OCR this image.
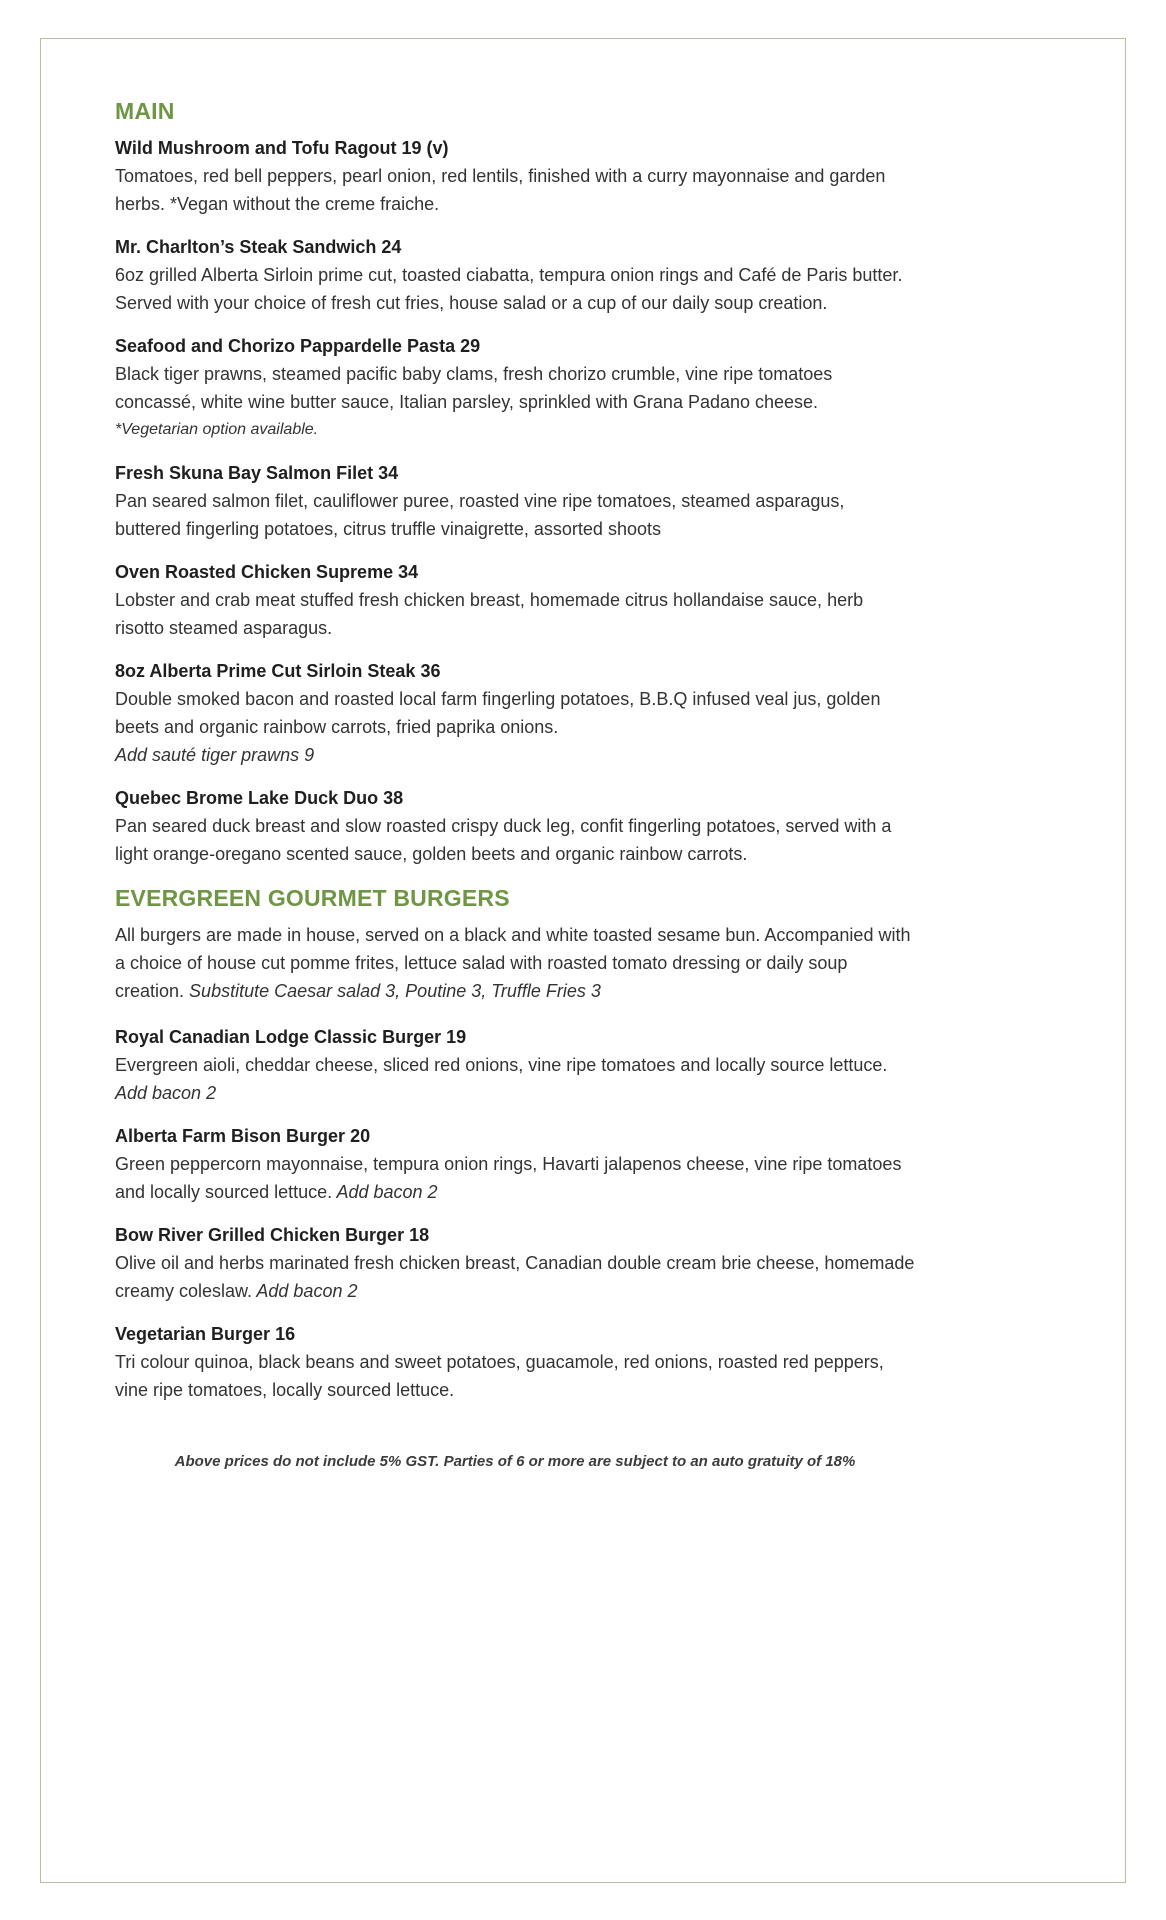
MAIN
Wild Mushroom and Tofu Ragout 19 (v)

Tomatoes, red bell peppers, pearl onion, red lentils, finished with a curry mayonnaise and garden herbs. *Vegan without the creme fraiche.

Mr. Charlton’s Steak Sandwich 24

6oz grilled Alberta Sirloin prime cut, toasted ciabatta, tempura onion rings and Café de Paris butter. Served with your choice of fresh cut fries, house salad or a cup of our daily soup creation.

Seafood and Chorizo Pappardelle Pasta 29

Black tiger prawns, steamed pacific baby clams, fresh chorizo crumble, vine ripe tomatoes concassé, white wine butter sauce, Italian parsley, sprinkled with Grana Padano cheese.

*Vegetarian option available.

Fresh Skuna Bay Salmon Filet 34

Pan seared salmon filet, cauliflower puree, roasted vine ripe tomatoes, steamed asparagus, buttered fingerling potatoes, citrus truffle vinaigrette, assorted shoots

Oven Roasted Chicken Supreme 34

Lobster and crab meat stuffed fresh chicken breast, homemade citrus hollandaise sauce, herb risotto steamed asparagus.

8oz Alberta Prime Cut Sirloin Steak 36

Double smoked bacon and roasted local farm fingerling potatoes, B.B.Q infused veal jus, golden beets and organic rainbow carrots, fried paprika onions.

Add sauté tiger prawns 9

Quebec Brome Lake Duck Duo 38

Pan seared duck breast and slow roasted crispy duck leg, confit fingerling potatoes, served with a light orange-oregano scented sauce, golden beets and organic rainbow carrots.

EVERGREEN GOURMET BURGERS

All burgers are made in house, served on a black and white toasted sesame bun. Accompanied with a choice of house cut pomme frites, lettuce salad with roasted tomato dressing or daily soup creation. Substitute Caesar salad 3, Poutine 3, Truffle Fries 3

Royal Canadian Lodge Classic Burger 19

Evergreen aioli, cheddar cheese, sliced red onions, vine ripe tomatoes and locally source lettuce. Add bacon 2

Alberta Farm Bison Burger 20

Green peppercorn mayonnaise, tempura onion rings, Havarti jalapenos cheese, vine ripe tomatoes and locally sourced lettuce. Add bacon 2

Bow River Grilled Chicken Burger 18

Olive oil and herbs marinated fresh chicken breast, Canadian double cream brie cheese, homemade creamy coleslaw. Add bacon 2

Vegetarian Burger 16

Tri colour quinoa, black beans and sweet potatoes, guacamole, red onions, roasted red peppers, vine ripe tomatoes, locally sourced lettuce.

Above prices do not include 5% GST. Parties of 6 or more are subject to an auto gratuity of 18%
